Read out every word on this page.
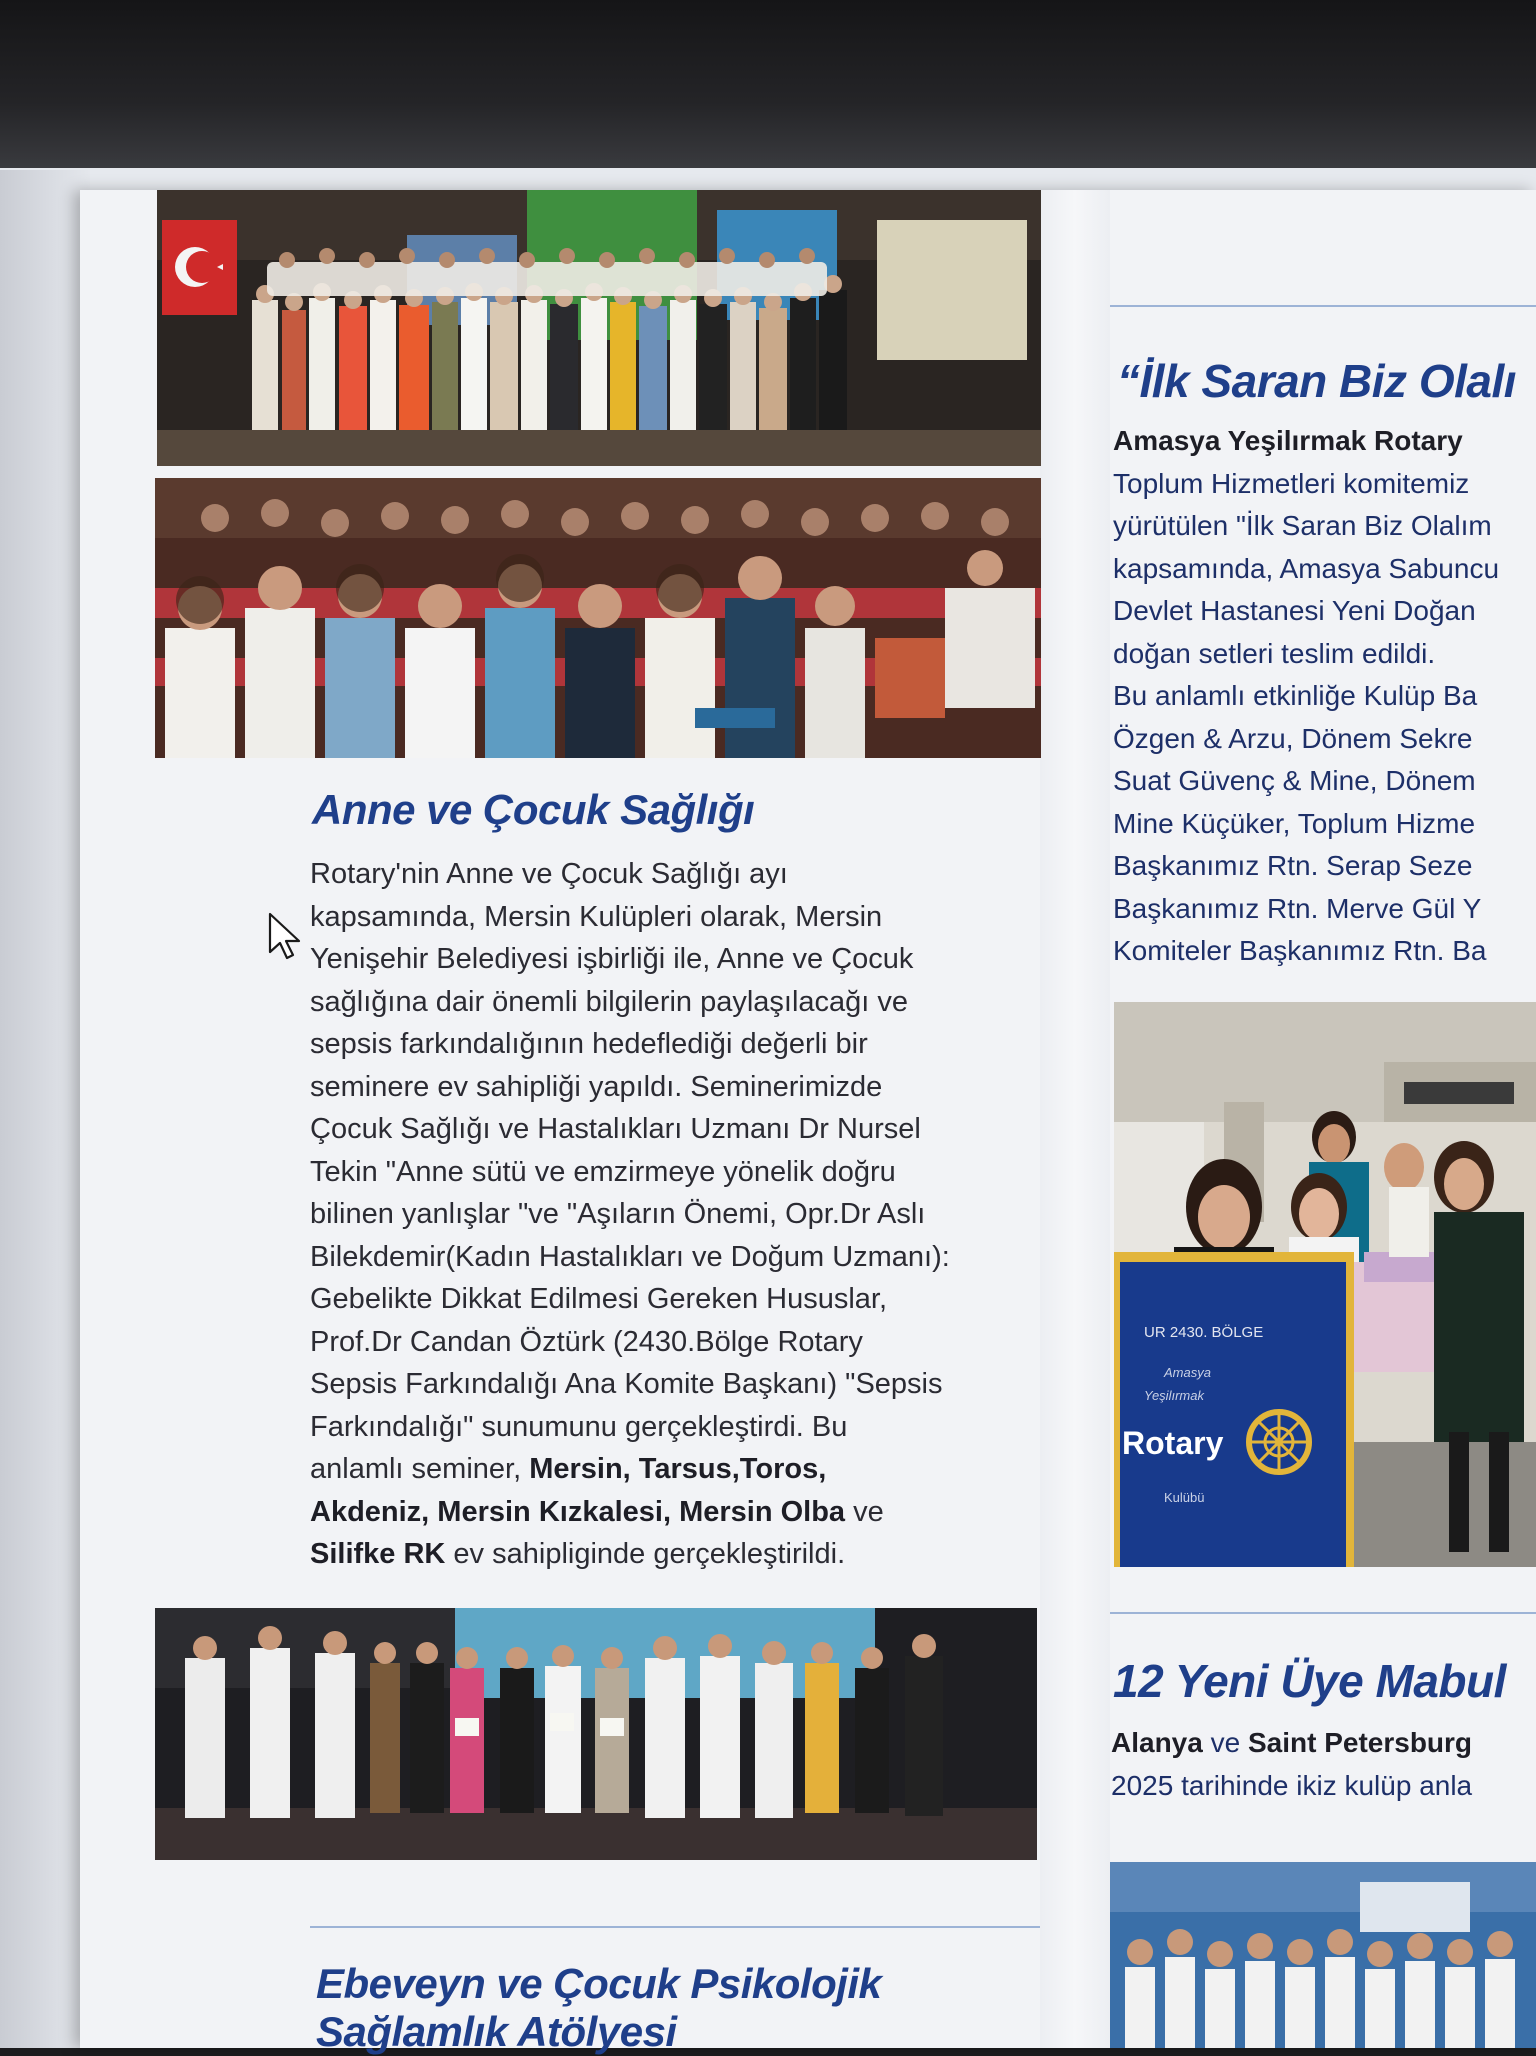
Anne ve Çocuk Sağlığı
Rotary'nin Anne ve Çocuk Sağlığı ayı
kapsamında, Mersin Kulüpleri olarak, Mersin
Yenişehir Belediyesi işbirliği ile, Anne ve Çocuk
sağlığına dair önemli bilgilerin paylaşılacağı ve
sepsis farkındalığının hedeflediği değerli bir
seminere ev sahipliği yapıldı. Seminerimizde
Çocuk Sağlığı ve Hastalıkları Uzmanı Dr Nursel
Tekin "Anne sütü ve emzirmeye yönelik doğru
bilinen yanlışlar "ve "Aşıların Önemi, Opr.Dr Aslı
Bilekdemir(Kadın Hastalıkları ve Doğum Uzmanı):
Gebelikte Dikkat Edilmesi Gereken Hususlar,
Prof.Dr Candan Öztürk (2430.Bölge Rotary
Sepsis Farkındalığı Ana Komite Başkanı) "Sepsis
Farkındalığı" sunumunu gerçekleştirdi. Bu
anlamlı seminer, Mersin, Tarsus,Toros,
Akdeniz, Mersin Kızkalesi, Mersin Olba ve
Silifke RK ev sahipliginde gerçekleştirildi.
Ebeveyn ve Çocuk Psikolojik
Sağlamlık Atölyesi
“İlk Saran Biz Olalı
Amasya Yeşilırmak Rotary
Toplum Hizmetleri komitemiz
yürütülen "İlk Saran Biz Olalım
kapsamında, Amasya Sabuncu
Devlet Hastanesi Yeni Doğan
doğan setleri teslim edildi.
Bu anlamlı etkinliğe Kulüp Ba
Özgen & Arzu, Dönem Sekre
Suat Güvenç & Mine, Dönem
Mine Küçüker, Toplum Hizme
Başkanımız Rtn. Serap Seze
Başkanımız Rtn. Merve Gül Y
Komiteler Başkanımız Rtn. Ba
UR 2430. BÖLGE
Amasya
Yeşilırmak
Rotary
Kulübü
12 Yeni Üye Mabul
Alanya ve Saint Petersburg
2025 tarihinde ikiz kulüp anla
